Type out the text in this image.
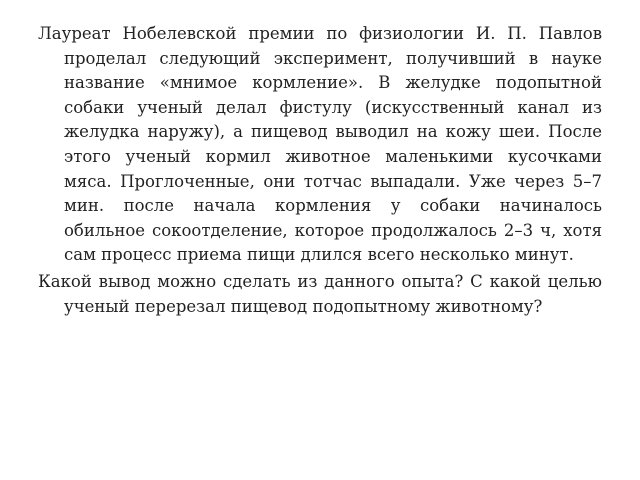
Лауреат Нобелевской премии по физиологии И. П. Павлов проделал следующий эксперимент, получивший в науке название «мнимое кормление». В желудке подопытной собаки ученый делал фистулу (искусственный канал из желудка наружу), а пищевод выводил на кожу шеи. После этого ученый кормил животное маленькими кусочками мяса. Проглоченные, они тотчас выпадали. Уже через 5–7 мин. после начала кормления у собаки начиналось обильное сокоотделение, которое продолжалось 2–3 ч, хотя сам процесс приема пищи длился всего несколько минут.

Какой вывод можно сделать из данного опыта? С какой целью ученый перерезал пищевод подопытному животному?
